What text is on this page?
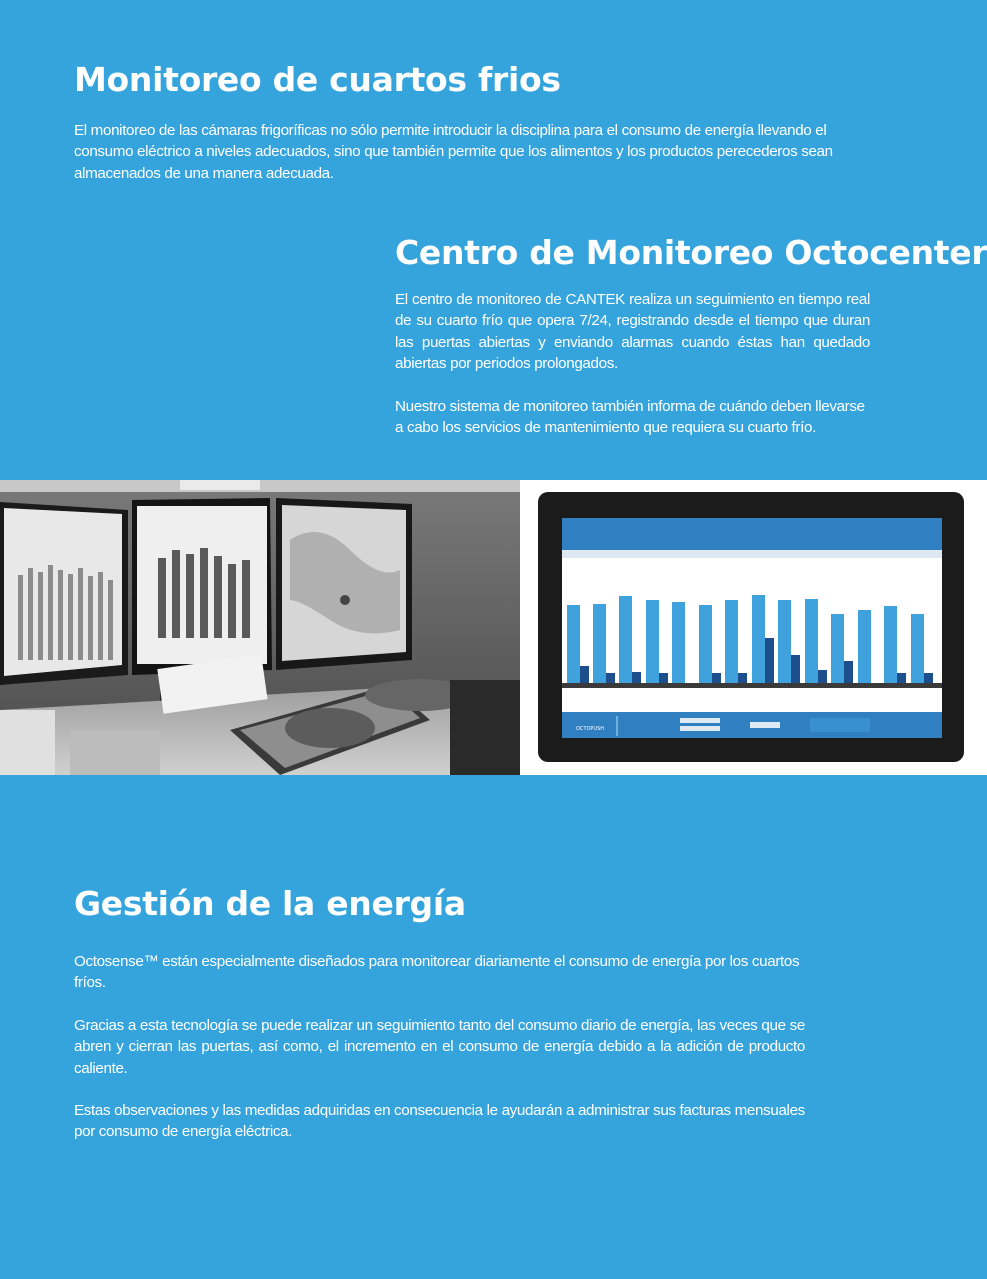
Monitoreo de cuartos frios

El monitoreo de las cámaras frigoríficas no sólo permite introducir la disciplina para el consumo de energía llevando el consumo eléctrico a niveles adecuados, sino que también permite que los alimentos y los productos perecederos sean almacenados de una manera adecuada.

Centro de Monitoreo Octocenter

El centro de monitoreo de CANTEK realiza un seguimiento en tiempo real de su cuarto frío que opera 7/24, registrando desde el tiempo que duran las puertas abiertas y enviando alarmas cuando éstas han quedado abiertas por periodos prolongados.

Nuestro sistema de monitoreo también informa de cuándo deben llevarse a cabo los servicios de mantenimiento que requiera su cuarto frío.

OCTOPUSH
Gestión de la energía

Octosense™ están especialmente diseñados para monitorear diariamente el consumo de energía por los cuartos fríos.

Gracias a esta tecnología se puede realizar un seguimiento tanto del consumo diario de energía, las veces que se abren y cierran las puertas, así como, el incremento en el consumo de energía debido a la adición de producto caliente.

Estas observaciones y las medidas adquiridas en consecuencia le ayudarán a administrar sus facturas mensuales por consumo de energía eléctrica.
